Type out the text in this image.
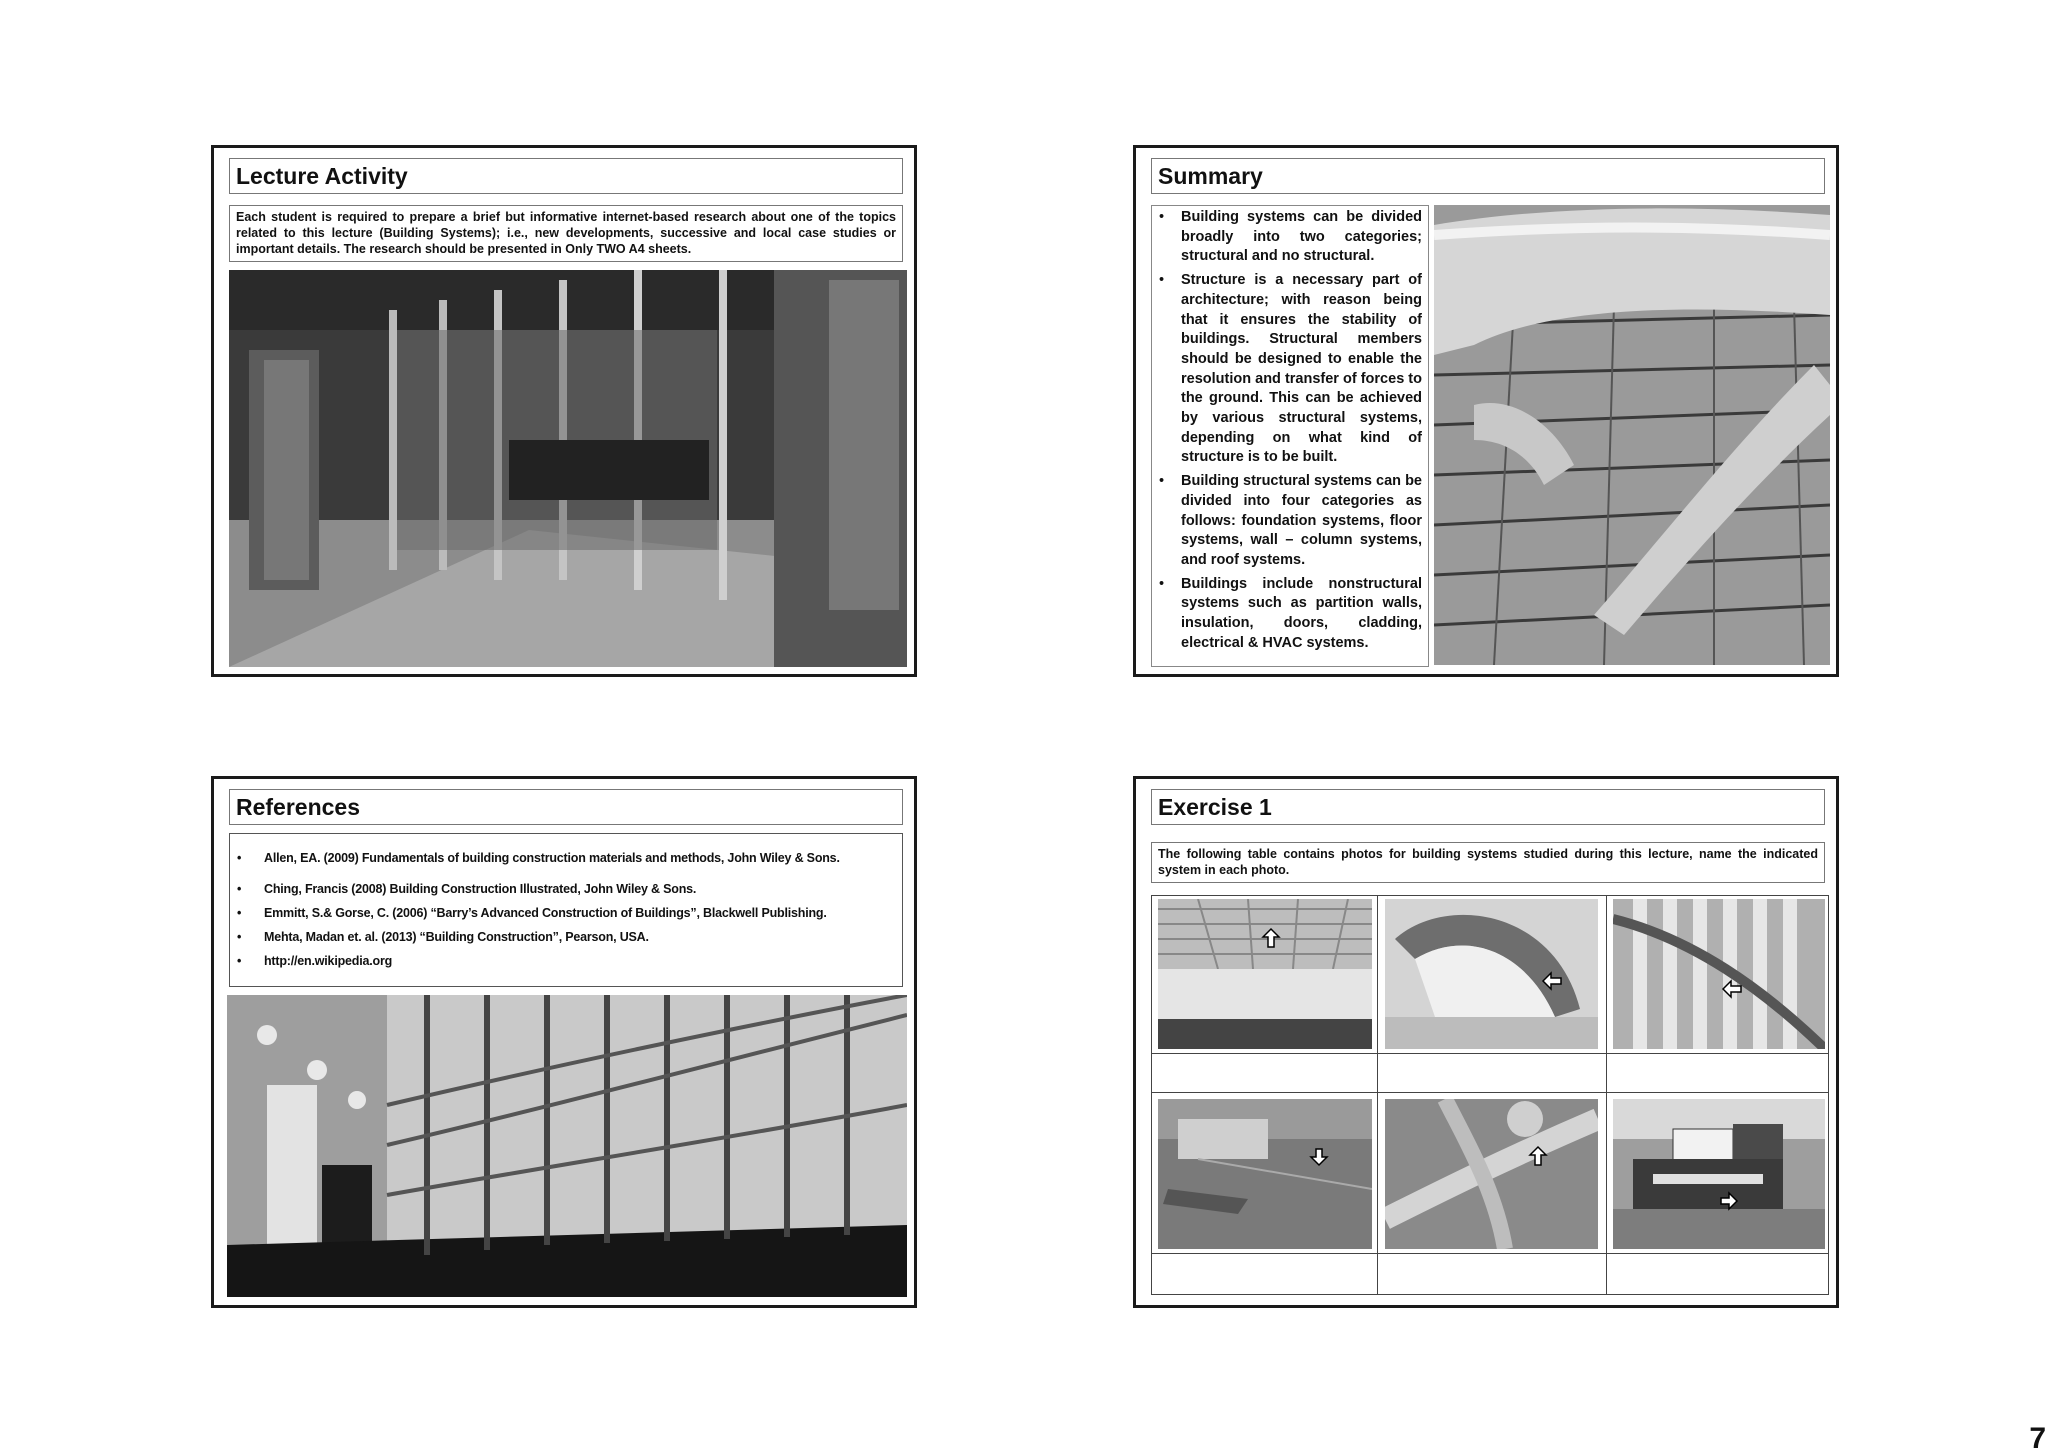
Lecture Activity
Each student is required to prepare a brief but informative internet-based research about one of the topics related to this lecture (Building Systems); i.e., new developments, successive and local case studies or important details. The research should be presented in Only TWO A4 sheets.
Summary
• Building systems can be divided broadly into two categories; structural and no structural.
• Structure is a necessary part of architecture; with reason being that it ensures the stability of buildings. Structural members should be designed to enable the resolution and transfer of forces to the ground. This can be achieved by various structural systems, depending on what kind of structure is to be built.
• Building structural systems can be divided into four categories as follows: foundation systems, floor systems, wall – column systems, and roof systems.
• Buildings include nonstructural systems such as partition walls, insulation, doors, cladding, electrical & HVAC systems.
References
• Allen, EA. (2009) Fundamentals of building construction materials and methods, John Wiley & Sons.
• Ching, Francis (2008) Building Construction Illustrated, John Wiley & Sons.
• Emmitt, S.& Gorse, C. (2006) “Barry’s Advanced Construction of Buildings”, Blackwell Publishing.
• Mehta, Madan et. al. (2013) “Building Construction”, Pearson, USA.
• http://en.wikipedia.org
Exercise 1
The following table contains photos for building systems studied during this lecture, name the indicated system in each photo.
7
